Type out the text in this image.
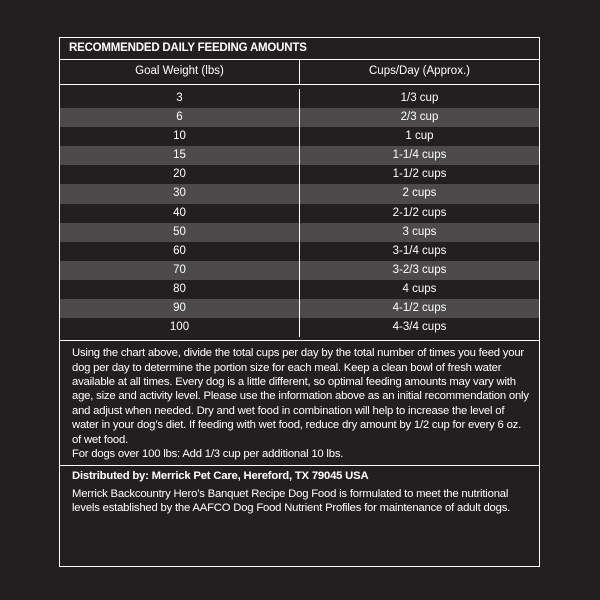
RECOMMENDED DAILY FEEDING AMOUNTS
Goal Weight (lbs)	Cups/Day (Approx.)
3	1/3 cup
6	2/3 cup
10	1 cup
15	1-1/4 cups
20	1-1/2 cups
30	2 cups
40	2-1/2 cups
50	3 cups
60	3-1/4 cups
70	3-2/3 cups
80	4 cups
90	4-1/2 cups
100	4-3/4 cups

Using the chart above, divide the total cups per day by the total number of times you feed your dog per day to determine the portion size for each meal. Keep a clean bowl of fresh water available at all times. Every dog is a little different, so optimal feeding amounts may vary with age, size and activity level. Please use the information above as an initial recommendation only and adjust when needed. Dry and wet food in combination will help to increase the level of water in your dog’s diet. If feeding with wet food, reduce dry amount by 1/2 cup for every 6 oz. of wet food.

For dogs over 100 lbs: Add 1/3 cup per additional 10 lbs.

Distributed by: Merrick Pet Care, Hereford, TX 79045 USA

Merrick Backcountry Hero’s Banquet Recipe Dog Food is formulated to meet the nutritional levels established by the AAFCO Dog Food Nutrient Profiles for maintenance of adult dogs.
